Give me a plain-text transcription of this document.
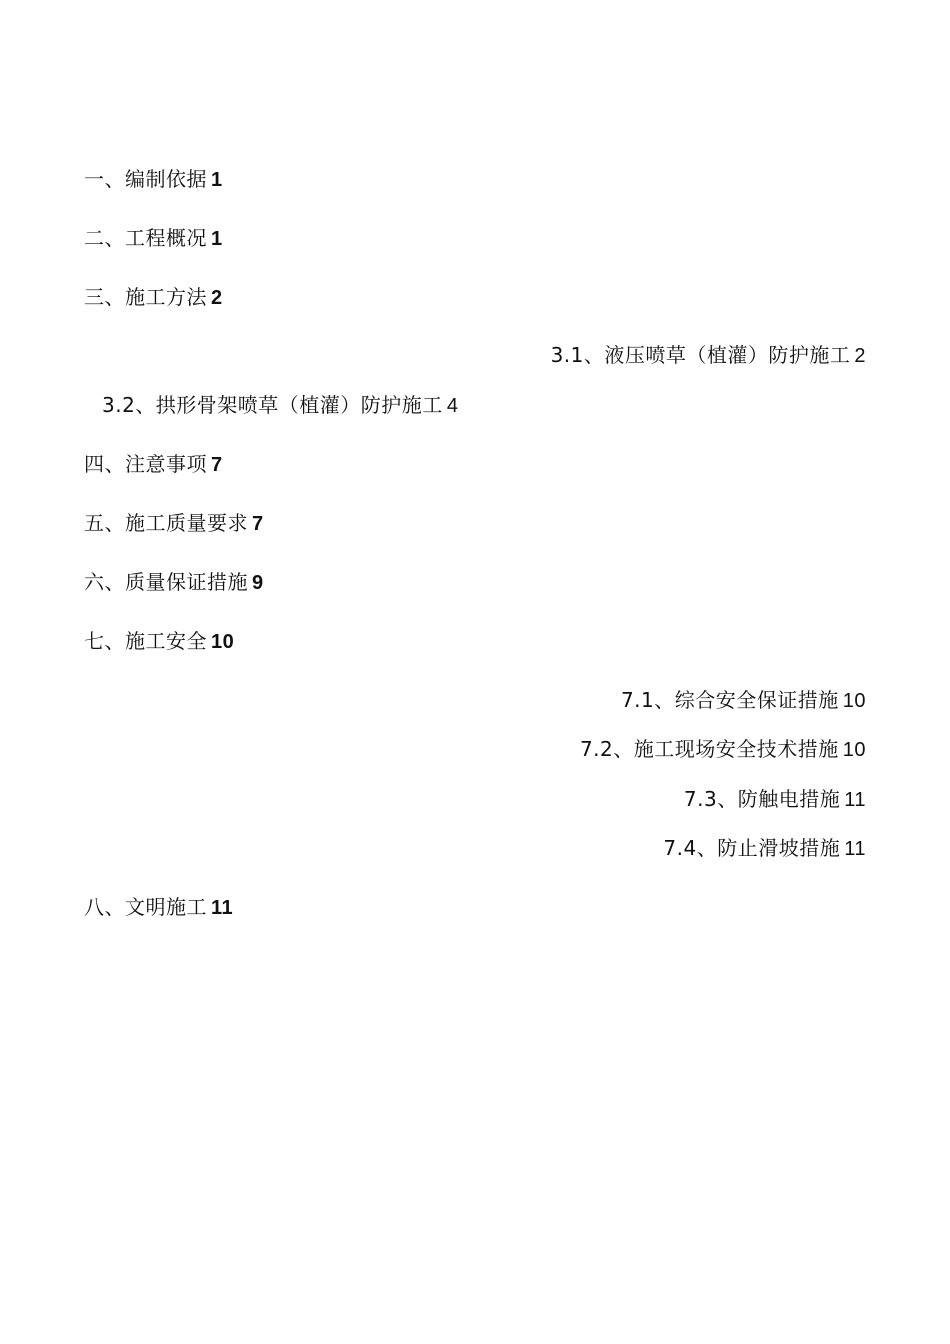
一、编制依据 1
二、工程概况 1
三、施工方法 2
3.1、液压喷草（植灌）防护施工 2
3.2、拱形骨架喷草（植灌）防护施工 4
四、注意事项 7
五、施工质量要求 7
六、质量保证措施 9
七、施工安全 10
7.1、综合安全保证措施 10
7.2、施工现场安全技术措施 10
7.3、防触电措施 11
7.4、防止滑坡措施 11
八、文明施工 11
